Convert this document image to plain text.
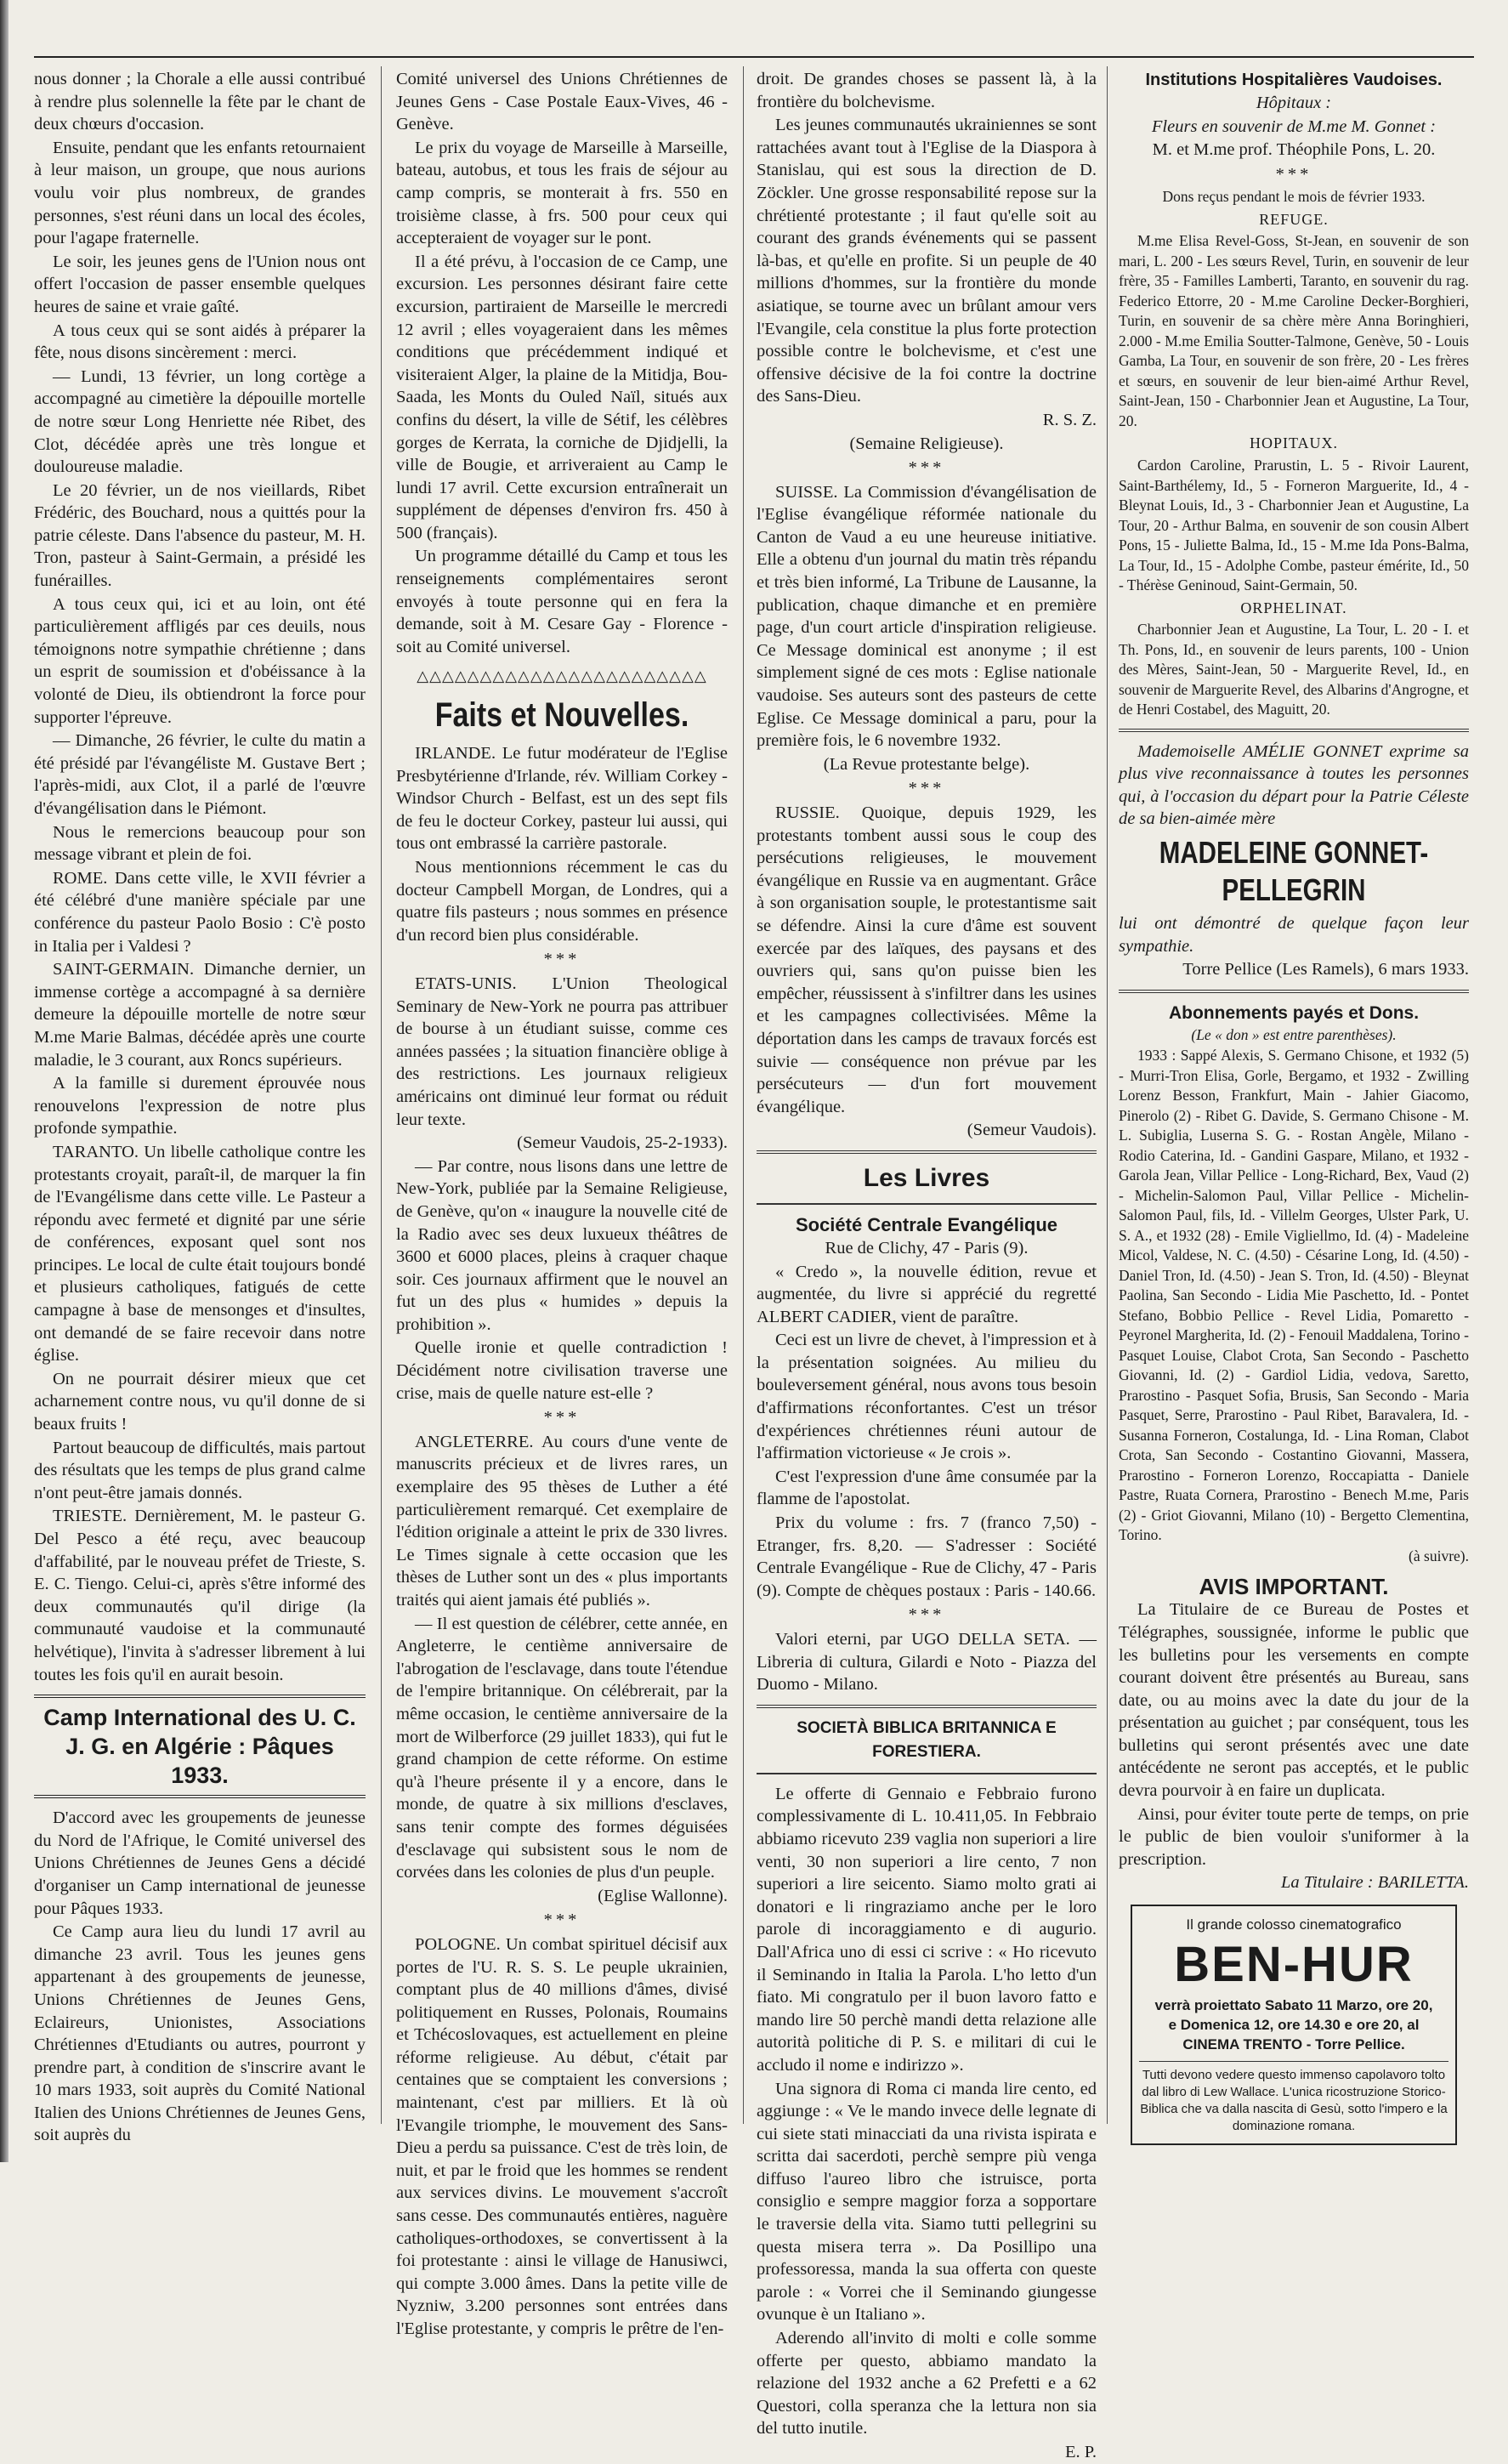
nous donner ; la Chorale a elle aussi contribué à rendre plus solennelle la fête par le chant de deux chœurs d'occasion.

Ensuite, pendant que les enfants retournaient à leur maison, un groupe, que nous aurions voulu voir plus nombreux, de grandes personnes, s'est réuni dans un local des écoles, pour l'agape fraternelle.

Le soir, les jeunes gens de l'Union nous ont offert l'occasion de passer ensemble quelques heures de saine et vraie gaîté.

A tous ceux qui se sont aidés à préparer la fête, nous disons sincèrement : merci.

— Lundi, 13 février, un long cortège a accompagné au cimetière la dépouille mortelle de notre sœur Long Henriette née Ribet, des Clot, décédée après une très longue et douloureuse maladie.

Le 20 février, un de nos vieillards, Ribet Frédéric, des Bouchard, nous a quittés pour la patrie céleste. Dans l'absence du pasteur, M. H. Tron, pasteur à Saint-Germain, a présidé les funérailles.

A tous ceux qui, ici et au loin, ont été particulièrement affligés par ces deuils, nous témoignons notre sympathie chrétienne ; dans un esprit de soumission et d'obéissance à la volonté de Dieu, ils obtiendront la force pour supporter l'épreuve.

— Dimanche, 26 février, le culte du matin a été présidé par l'évangéliste M. Gustave Bert ; l'après-midi, aux Clot, il a parlé de l'œuvre d'évangélisation dans le Piémont.

Nous le remercions beaucoup pour son message vibrant et plein de foi.

ROME. Dans cette ville, le XVII février a été célébré d'une manière spéciale par une conférence du pasteur Paolo Bosio : C'è posto in Italia per i Valdesi ?

SAINT-GERMAIN. Dimanche dernier, un immense cortège a accompagné à sa dernière demeure la dépouille mortelle de notre sœur M.me Marie Balmas, décédée après une courte maladie, le 3 courant, aux Roncs supérieurs.

A la famille si durement éprouvée nous renouvelons l'expression de notre plus profonde sympathie.

TARANTO. Un libelle catholique contre les protestants croyait, paraît-il, de marquer la fin de l'Evangélisme dans cette ville. Le Pasteur a répondu avec fermeté et dignité par une série de conférences, exposant quel sont nos principes. Le local de culte était toujours bondé et plusieurs catholiques, fatigués de cette campagne à base de mensonges et d'insultes, ont demandé de se faire recevoir dans notre église.

On ne pourrait désirer mieux que cet acharnement contre nous, vu qu'il donne de si beaux fruits !

Partout beaucoup de difficultés, mais partout des résultats que les temps de plus grand calme n'ont peut-être jamais donnés.

TRIESTE. Dernièrement, M. le pasteur G. Del Pesco a été reçu, avec beaucoup d'affabilité, par le nouveau préfet de Trieste, S. E. C. Tiengo. Celui-ci, après s'être informé des deux communautés qu'il dirige (la communauté vaudoise et la communauté helvétique), l'invita à s'adresser librement à lui toutes les fois qu'il en aurait besoin.

Camp International des U. C. J. G. en Algérie : Pâques 1933.

D'accord avec les groupements de jeunesse du Nord de l'Afrique, le Comité universel des Unions Chrétiennes de Jeunes Gens a décidé d'organiser un Camp international de jeunesse pour Pâques 1933.

Ce Camp aura lieu du lundi 17 avril au dimanche 23 avril. Tous les jeunes gens appartenant à des groupements de jeunesse, Unions Chrétiennes de Jeunes Gens, Eclaireurs, Unionistes, Associations Chrétiennes d'Etudiants ou autres, pourront y prendre part, à condition de s'inscrire avant le 10 mars 1933, soit auprès du Comité National Italien des Unions Chrétiennes de Jeunes Gens, soit auprès du

Comité universel des Unions Chrétiennes de Jeunes Gens - Case Postale Eaux-Vives, 46 - Genève.

Le prix du voyage de Marseille à Marseille, bateau, autobus, et tous les frais de séjour au camp compris, se monterait à frs. 550 en troisième classe, à frs. 500 pour ceux qui accepteraient de voyager sur le pont.

Il a été prévu, à l'occasion de ce Camp, une excursion. Les personnes désirant faire cette excursion, partiraient de Marseille le mercredi 12 avril ; elles voyageraient dans les mêmes conditions que précédemment indiqué et visiteraient Alger, la plaine de la Mitidja, Bou-Saada, les Monts du Ouled Naïl, situés aux confins du désert, la ville de Sétif, les célèbres gorges de Kerrata, la corniche de Djidjelli, la ville de Bougie, et arriveraient au Camp le lundi 17 avril. Cette excursion entraînerait un supplément de dépenses d'environ frs. 450 à 500 (français).

Un programme détaillé du Camp et tous les renseignements complémentaires seront envoyés à toute personne qui en fera la demande, soit à M. Cesare Gay - Florence - soit au Comité universel.

△△△△△△△△△△△△△△△△△△△△△△△
Faits et Nouvelles.

IRLANDE. Le futur modérateur de l'Eglise Presbytérienne d'Irlande, rév. William Corkey - Windsor Church - Belfast, est un des sept fils de feu le docteur Corkey, pasteur lui aussi, qui tous ont embrassé la carrière pastorale.

Nous mentionnions récemment le cas du docteur Campbell Morgan, de Londres, qui a quatre fils pasteurs ; nous sommes en présence d'un record bien plus considérable.

***

ETATS-UNIS. L'Union Theological Seminary de New-York ne pourra pas attribuer de bourse à un étudiant suisse, comme ces années passées ; la situation financière oblige à des restrictions. Les journaux religieux américains ont diminué leur format ou réduit leur texte.

(Semeur Vaudois, 25-2-1933).

— Par contre, nous lisons dans une lettre de New-York, publiée par la Semaine Religieuse, de Genève, qu'on « inaugure la nouvelle cité de la Radio avec ses deux luxueux théâtres de 3600 et 6000 places, pleins à craquer chaque soir. Ces journaux affirment que le nouvel an fut un des plus « humides » depuis la prohibition ».

Quelle ironie et quelle contradiction ! Décidément notre civilisation traverse une crise, mais de quelle nature est-elle ?

***

ANGLETERRE. Au cours d'une vente de manuscrits précieux et de livres rares, un exemplaire des 95 thèses de Luther a été particulièrement remarqué. Cet exemplaire de l'édition originale a atteint le prix de 330 livres. Le Times signale à cette occasion que les thèses de Luther sont un des « plus importants traités qui aient jamais été publiés ».

— Il est question de célébrer, cette année, en Angleterre, le centième anniversaire de l'abrogation de l'esclavage, dans toute l'étendue de l'empire britannique. On célébrerait, par la même occasion, le centième anniversaire de la mort de Wilberforce (29 juillet 1833), qui fut le grand champion de cette réforme. On estime qu'à l'heure présente il y a encore, dans le monde, de quatre à six millions d'esclaves, sans tenir compte des formes déguisées d'esclavage qui subsistent sous le nom de corvées dans les colonies de plus d'un peuple.

(Eglise Wallonne).

***

POLOGNE. Un combat spirituel décisif aux portes de l'U. R. S. S. Le peuple ukrainien, comptant plus de 40 millions d'âmes, divisé politiquement en Russes, Polonais, Roumains et Tchécoslovaques, est actuellement en pleine réforme religieuse. Au début, c'était par centaines que se comptaient les conversions ; maintenant, c'est par milliers. Et là où l'Evangile triomphe, le mouvement des Sans-Dieu a perdu sa puissance. C'est de très loin, de nuit, et par le froid que les hommes se rendent aux services divins. Le mouvement s'accroît sans cesse. Des communautés entières, naguère catholiques-orthodoxes, se convertissent à la foi protestante : ainsi le village de Hanusiwci, qui compte 3.000 âmes. Dans la petite ville de Nyzniw, 3.200 personnes sont entrées dans l'Eglise protestante, y compris le prêtre de l'en-

droit. De grandes choses se passent là, à la frontière du bolchevisme.

Les jeunes communautés ukrainiennes se sont rattachées avant tout à l'Eglise de la Diaspora à Stanislau, qui est sous la direction de D. Zöckler. Une grosse responsabilité repose sur la chrétienté protestante ; il faut qu'elle soit au courant des grands événements qui se passent là-bas, et qu'elle en profite. Si un peuple de 40 millions d'hommes, sur la frontière du monde asiatique, se tourne avec un brûlant amour vers l'Evangile, cela constitue la plus forte protection possible contre le bolchevisme, et c'est une offensive décisive de la foi contre la doctrine des Sans-Dieu.

R. S. Z.

(Semaine Religieuse).

***

SUISSE. La Commission d'évangélisation de l'Eglise évangélique réformée nationale du Canton de Vaud a eu une heureuse initiative. Elle a obtenu d'un journal du matin très répandu et très bien informé, La Tribune de Lausanne, la publication, chaque dimanche et en première page, d'un court article d'inspiration religieuse. Ce Message dominical est anonyme ; il est simplement signé de ces mots : Eglise nationale vaudoise. Ses auteurs sont des pasteurs de cette Eglise. Ce Message dominical a paru, pour la première fois, le 6 novembre 1932.

(La Revue protestante belge).

***

RUSSIE. Quoique, depuis 1929, les protestants tombent aussi sous le coup des persécutions religieuses, le mouvement évangélique en Russie va en augmentant. Grâce à son organisation souple, le protestantisme sait se défendre. Ainsi la cure d'âme est souvent exercée par des laïques, des paysans et des ouvriers qui, sans qu'on puisse bien les empêcher, réussissent à s'infiltrer dans les usines et les campagnes collectivisées. Même la déportation dans les camps de travaux forcés est suivie — conséquence non prévue par les persécuteurs — d'un fort mouvement évangélique.

(Semeur Vaudois).

Les Livres
Société Centrale Evangélique

Rue de Clichy, 47 - Paris (9).

« Credo », la nouvelle édition, revue et augmentée, du livre si apprécié du regretté ALBERT CADIER, vient de paraître.

Ceci est un livre de chevet, à l'impression et à la présentation soignées. Au milieu du bouleversement général, nous avons tous besoin d'affirmations réconfortantes. C'est un trésor d'expériences chrétiennes réuni autour de l'affirmation victorieuse « Je crois ».

C'est l'expression d'une âme consumée par la flamme de l'apostolat.

Prix du volume : frs. 7 (franco 7,50) - Etranger, frs. 8,20. — S'adresser : Société Centrale Evangélique - Rue de Clichy, 47 - Paris (9). Compte de chèques postaux : Paris - 140.66.

***

Valori eterni, par UGO DELLA SETA. — Libreria di cultura, Gilardi e Noto - Piazza del Duomo - Milano.

SOCIETÀ BIBLICA BRITANNICA E FORESTIERA.

Le offerte di Gennaio e Febbraio furono complessivamente di L. 10.411,05. In Febbraio abbiamo ricevuto 239 vaglia non superiori a lire venti, 30 non superiori a lire cento, 7 non superiori a lire seicento. Siamo molto grati ai donatori e li ringraziamo anche per le loro parole di incoraggiamento e di augurio. Dall'Africa uno di essi ci scrive : « Ho ricevuto il Seminando in Italia la Parola. L'ho letto d'un fiato. Mi congratulo per il buon lavoro fatto e mando lire 50 perchè mandi detta relazione alle autorità politiche di P. S. e militari di cui le accludo il nome e indirizzo ».

Una signora di Roma ci manda lire cento, ed aggiunge : « Ve le mando invece delle legnate di cui siete stati minacciati da una rivista ispirata e scritta dai sacerdoti, perchè sempre più venga diffuso l'aureo libro che istruisce, porta consiglio e sempre maggior forza a sopportare le traversie della vita. Siamo tutti pellegrini su questa misera terra ». Da Posillipo una professoressa, manda la sua offerta con queste parole : « Vorrei che il Seminando giungesse ovunque è un Italiano ».

Aderendo all'invito di molti e colle somme offerte per questo, abbiamo mandato la relazione del 1932 anche a 62 Prefetti e a 62 Questori, colla speranza che la lettura non sia del tutto inutile.

E. P.

Institutions Hospitalières Vaudoises.

Hôpitaux :

Fleurs en souvenir de M.me M. Gonnet :

M. et M.me prof. Théophile Pons, L. 20.

***

Dons reçus pendant le mois de février 1933.

REFUGE.

M.me Elisa Revel-Goss, St-Jean, en souvenir de son mari, L. 200 - Les sœurs Revel, Turin, en souvenir de leur frère, 35 - Familles Lamberti, Taranto, en souvenir du rag. Federico Ettorre, 20 - M.me Caroline Decker-Borghieri, Turin, en souvenir de sa chère mère Anna Boringhieri, 2.000 - M.me Emilia Soutter-Talmone, Genève, 50 - Louis Gamba, La Tour, en souvenir de son frère, 20 - Les frères et sœurs, en souvenir de leur bien-aimé Arthur Revel, Saint-Jean, 150 - Charbonnier Jean et Augustine, La Tour, 20.

HOPITAUX.

Cardon Caroline, Prarustin, L. 5 - Rivoir Laurent, Saint-Barthélemy, Id., 5 - Forneron Marguerite, Id., 4 - Bleynat Louis, Id., 3 - Charbonnier Jean et Augustine, La Tour, 20 - Arthur Balma, en souvenir de son cousin Albert Pons, 15 - Juliette Balma, Id., 15 - M.me Ida Pons-Balma, La Tour, Id., 15 - Adolphe Combe, pasteur émérite, Id., 50 - Thérèse Geninoud, Saint-Germain, 50.

ORPHELINAT.

Charbonnier Jean et Augustine, La Tour, L. 20 - I. et Th. Pons, Id., en souvenir de leurs parents, 100 - Union des Mères, Saint-Jean, 50 - Marguerite Revel, Id., en souvenir de Marguerite Revel, des Albarins d'Angrogne, et de Henri Costabel, des Maguitt, 20.

Mademoiselle AMÉLIE GONNET exprime sa plus vive reconnaissance à toutes les personnes qui, à l'occasion du départ pour la Patrie Céleste de sa bien-aimée mère

MADELEINE GONNET-PELLEGRIN

lui ont démontré de quelque façon leur sympathie.

Torre Pellice (Les Ramels), 6 mars 1933.

Abonnements payés et Dons.

(Le « don » est entre parenthèses).

1933 : Sappé Alexis, S. Germano Chisone, et 1932 (5) - Murri-Tron Elisa, Gorle, Bergamo, et 1932 - Zwilling Lorenz Besson, Frankfurt, Main - Jahier Giacomo, Pinerolo (2) - Ribet G. Davide, S. Germano Chisone - M. L. Subiglia, Luserna S. G. - Rostan Angèle, Milano - Rodio Caterina, Id. - Gandini Gaspare, Milano, et 1932 - Garola Jean, Villar Pellice - Long-Richard, Bex, Vaud (2) - Michelin-Salomon Paul, Villar Pellice - Michelin-Salomon Paul, fils, Id. - Villelm Georges, Ulster Park, U. S. A., et 1932 (28) - Emile Vigliellmo, Id. (4) - Madeleine Micol, Valdese, N. C. (4.50) - Césarine Long, Id. (4.50) - Daniel Tron, Id. (4.50) - Jean S. Tron, Id. (4.50) - Bleynat Paolina, San Secondo - Lidia Mie Paschetto, Id. - Pontet Stefano, Bobbio Pellice - Revel Lidia, Pomaretto - Peyronel Margherita, Id. (2) - Fenouil Maddalena, Torino - Pasquet Louise, Clabot Crota, San Secondo - Paschetto Giovanni, Id. (2) - Gardiol Lidia, vedova, Saretto, Prarostino - Pasquet Sofia, Brusis, San Secondo - Maria Pasquet, Serre, Prarostino - Paul Ribet, Baravalera, Id. - Susanna Forneron, Costalunga, Id. - Lina Roman, Clabot Crota, San Secondo - Costantino Giovanni, Massera, Prarostino - Forneron Lorenzo, Roccapiatta - Daniele Pastre, Ruata Cornera, Prarostino - Benech M.me, Paris (2) - Griot Giovanni, Milano (10) - Bergetto Clementina, Torino.

(à suivre).

AVIS IMPORTANT.

La Titulaire de ce Bureau de Postes et Télégraphes, soussignée, informe le public que les bulletins pour les versements en compte courant doivent être présentés au Bureau, sans date, ou au moins avec la date du jour de la présentation au guichet ; par conséquent, tous les bulletins qui seront présentés avec une date antécédente ne seront pas acceptés, et le public devra pourvoir à en faire un duplicata.

Ainsi, pour éviter toute perte de temps, on prie le public de bien vouloir s'uniformer à la prescription.

La Titulaire : BARILETTA.

Il grande colosso cinematografico
BEN-HUR
verrà proiettato Sabato 11 Marzo, ore 20,
e Domenica 12, ore 14.30 e ore 20, al
CINEMA TRENTO - Torre Pellice.
Tutti devono vedere questo immenso capolavoro tolto dal libro di Lew Wallace. L'unica ricostruzione Storico-Biblica che va dalla nascita di Gesù, sotto l'impero e la dominazione romana.
